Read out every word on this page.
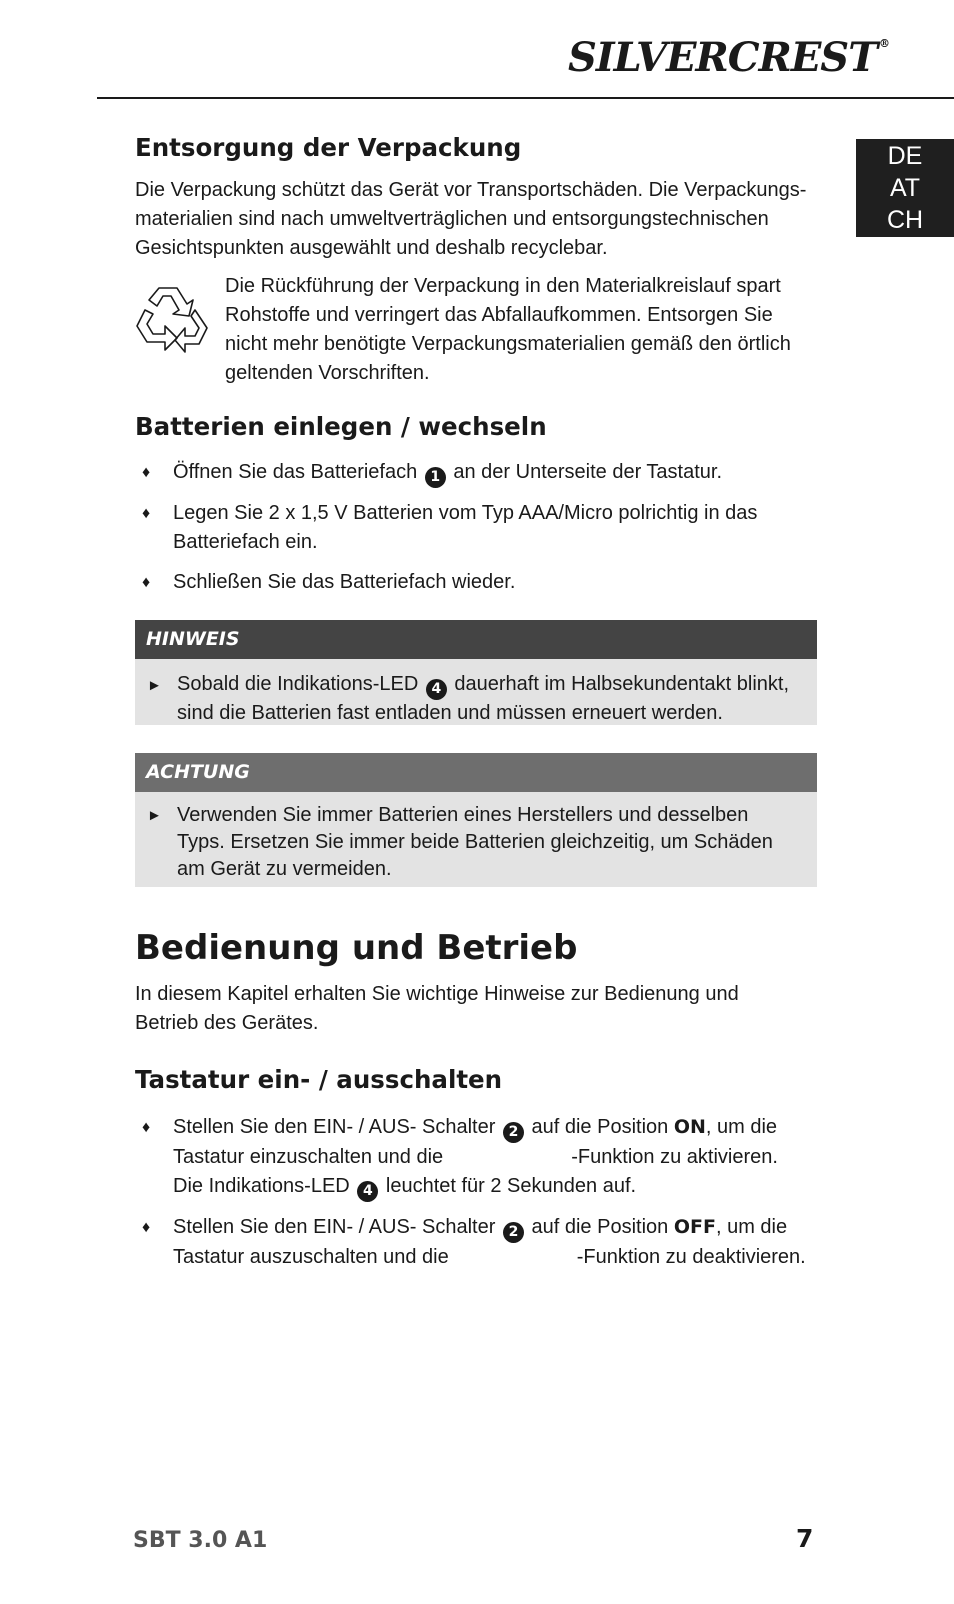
SILVERCREST ®
DE
AT
CH
Entsorgung der Verpackung

Die Verpackung schützt das Gerät vor Transportschäden. Die Verpackungs-
materialien sind nach umweltverträglichen und entsorgungstechnischen
Gesichtspunkten ausgewählt und deshalb recyclebar.

Die Rückführung der Verpackung in den Materialkreislauf spart
Rohstoffe und verringert das Abfallaufkommen. Entsorgen Sie
nicht mehr benötigte Verpackungsmaterialien gemäß den örtlich
geltenden Vorschriften.

Batterien einlegen / wechseln
♦ Öffnen Sie das Batteriefach 1 an der Unterseite der Tastatur.
♦ Legen Sie 2 x 1,5 V Batterien vom Typ AAA/Micro polrichtig in das
Batteriefach ein.
♦ Schließen Sie das Batteriefach wieder.
HINWEIS
► Sobald die Indikations-LED 4 dauerhaft im Halbsekundentakt blinkt,
sind die Batterien fast entladen und müssen erneuert werden.
ACHTUNG
► Verwenden Sie immer Batterien eines Herstellers und desselben
Typs. Ersetzen Sie immer beide Batterien gleichzeitig, um Schäden
am Gerät zu vermeiden.
Bedienung und Betrieb

In diesem Kapitel erhalten Sie wichtige Hinweise zur Bedienung und
Betrieb des Gerätes.

Tastatur ein- / ausschalten
♦ Stellen Sie den EIN- / AUS- Schalter 2 auf die Position ON, um die
Tastatur einzuschalten und die	-Funktion zu aktivieren.
Die Indikations-LED 4 leuchtet für 2 Sekunden auf.
♦ Stellen Sie den EIN- / AUS- Schalter 2 auf die Position OFF, um die
Tastatur auszuschalten und die	-Funktion zu deaktivieren.
SBT 3.0 A1	7
